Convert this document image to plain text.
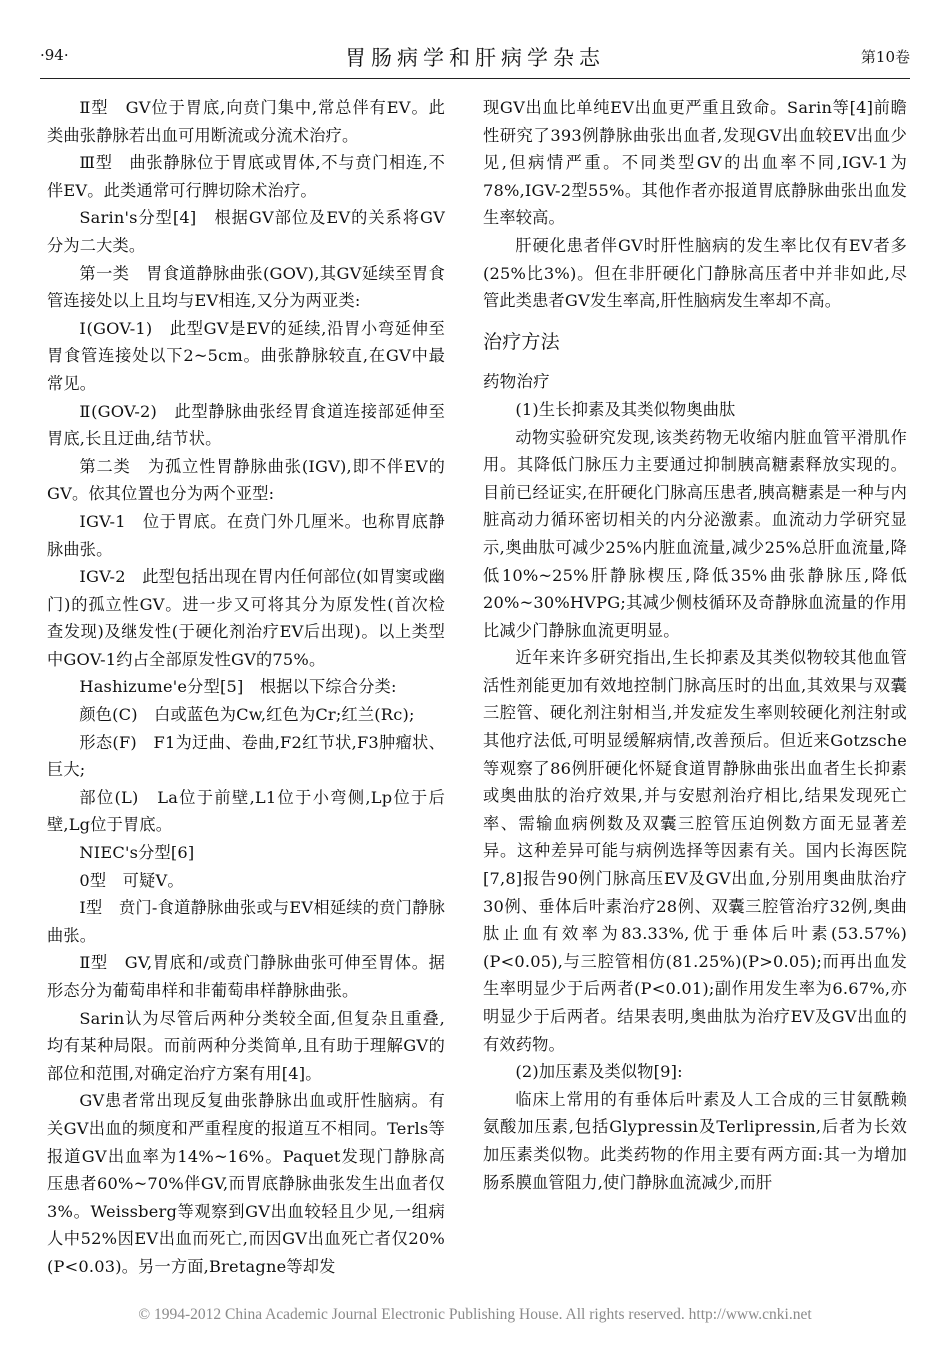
·94·	胃肠病学和肝病学杂志	第10卷

Ⅱ型　GV位于胃底,向贲门集中,常总伴有EV。此类曲张静脉若出血可用断流或分流术治疗。

Ⅲ型　曲张静脉位于胃底或胃体,不与贲门相连,不伴EV。此类通常可行脾切除术治疗。

Sarin's分型[4]　根据GV部位及EV的关系将GV分为二大类。

第一类　胃食道静脉曲张(GOV),其GV延续至胃食管连接处以上且均与EV相连,又分为两亚类:

Ⅰ(GOV-1)　此型GV是EV的延续,沿胃小弯延伸至胃食管连接处以下2~5cm。曲张静脉较直,在GV中最常见。

Ⅱ(GOV-2)　此型静脉曲张经胃食道连接部延伸至胃底,长且迂曲,结节状。

第二类　为孤立性胃静脉曲张(IGV),即不伴EV的GV。依其位置也分为两个亚型:

IGV-1　位于胃底。在贲门外几厘米。也称胃底静脉曲张。

IGV-2　此型包括出现在胃内任何部位(如胃窦或幽门)的孤立性GV。进一步又可将其分为原发性(首次检查发现)及继发性(于硬化剂治疗EV后出现)。以上类型中GOV-1约占全部原发性GV的75%。

Hashizume'e分型[5]　根据以下综合分类:

颜色(C)　白或蓝色为Cw,红色为Cr;红兰(Rc);

形态(F)　F1为迂曲、卷曲,F2红节状,F3肿瘤状、巨大;

部位(L)　La位于前壁,L1位于小弯侧,Lp位于后壁,Lg位于胃底。

NIEC's分型[6]

0型　可疑V。

Ⅰ型　贲门-食道静脉曲张或与EV相延续的贲门静脉曲张。

Ⅱ型　GV,胃底和/或贲门静脉曲张可伸至胃体。据形态分为葡萄串样和非葡萄串样静脉曲张。

Sarin认为尽管后两种分类较全面,但复杂且重叠,均有某种局限。而前两种分类简单,且有助于理解GV的部位和范围,对确定治疗方案有用[4]。

GV患者常出现反复曲张静脉出血或肝性脑病。有关GV出血的频度和严重程度的报道互不相同。Terls等报道GV出血率为14%~16%。Paquet发现门静脉高压患者60%~70%伴GV,而胃底静脉曲张发生出血者仅3%。Weissberg等观察到GV出血较轻且少见,一组病人中52%因EV出血而死亡,而因GV出血死亡者仅20%(P<0.03)。另一方面,Bretagne等却发

现GV出血比单纯EV出血更严重且致命。Sarin等[4]前瞻性研究了393例静脉曲张出血者,发现GV出血较EV出血少见,但病情严重。不同类型GV的出血率不同,IGV-1为78%,IGV-2型55%。其他作者亦报道胃底静脉曲张出血发生率较高。

肝硬化患者伴GV时肝性脑病的发生率比仅有EV者多(25%比3%)。但在非肝硬化门静脉高压者中并非如此,尽管此类患者GV发生率高,肝性脑病发生率却不高。

治疗方法

药物治疗

(1)生长抑素及其类似物奥曲肽

动物实验研究发现,该类药物无收缩内脏血管平滑肌作用。其降低门脉压力主要通过抑制胰高糖素释放实现的。目前已经证实,在肝硬化门脉高压患者,胰高糖素是一种与内脏高动力循环密切相关的内分泌激素。血流动力学研究显示,奥曲肽可减少25%内脏血流量,减少25%总肝血流量,降低10%~25%肝静脉楔压,降低35%曲张静脉压,降低20%~30%HVPG;其减少侧枝循环及奇静脉血流量的作用比减少门静脉血流更明显。

近年来许多研究指出,生长抑素及其类似物较其他血管活性剂能更加有效地控制门脉高压时的出血,其效果与双囊三腔管、硬化剂注射相当,并发症发生率则较硬化剂注射或其他疗法低,可明显缓解病情,改善预后。但近来Gotzsche等观察了86例肝硬化怀疑食道胃静脉曲张出血者生长抑素或奥曲肽的治疗效果,并与安慰剂治疗相比,结果发现死亡率、需输血病例数及双囊三腔管压迫例数方面无显著差异。这种差异可能与病例选择等因素有关。国内长海医院[7,8]报告90例门脉高压EV及GV出血,分别用奥曲肽治疗30例、垂体后叶素治疗28例、双囊三腔管治疗32例,奥曲肽止血有效率为83.33%,优于垂体后叶素(53.57%)(P<0.05),与三腔管相仿(81.25%)(P>0.05);而再出血发生率明显少于后两者(P<0.01);副作用发生率为6.67%,亦明显少于后两者。结果表明,奥曲肽为治疗EV及GV出血的有效药物。

(2)加压素及类似物[9]:

临床上常用的有垂体后叶素及人工合成的三甘氨酰赖氨酸加压素,包括Glypressin及Terlipressin,后者为长效加压素类似物。此类药物的作用主要有两方面:其一为增加肠系膜血管阻力,使门静脉血流减少,而肝

© 1994-2012 China Academic Journal Electronic Publishing House. All rights reserved. http://www.cnki.net
